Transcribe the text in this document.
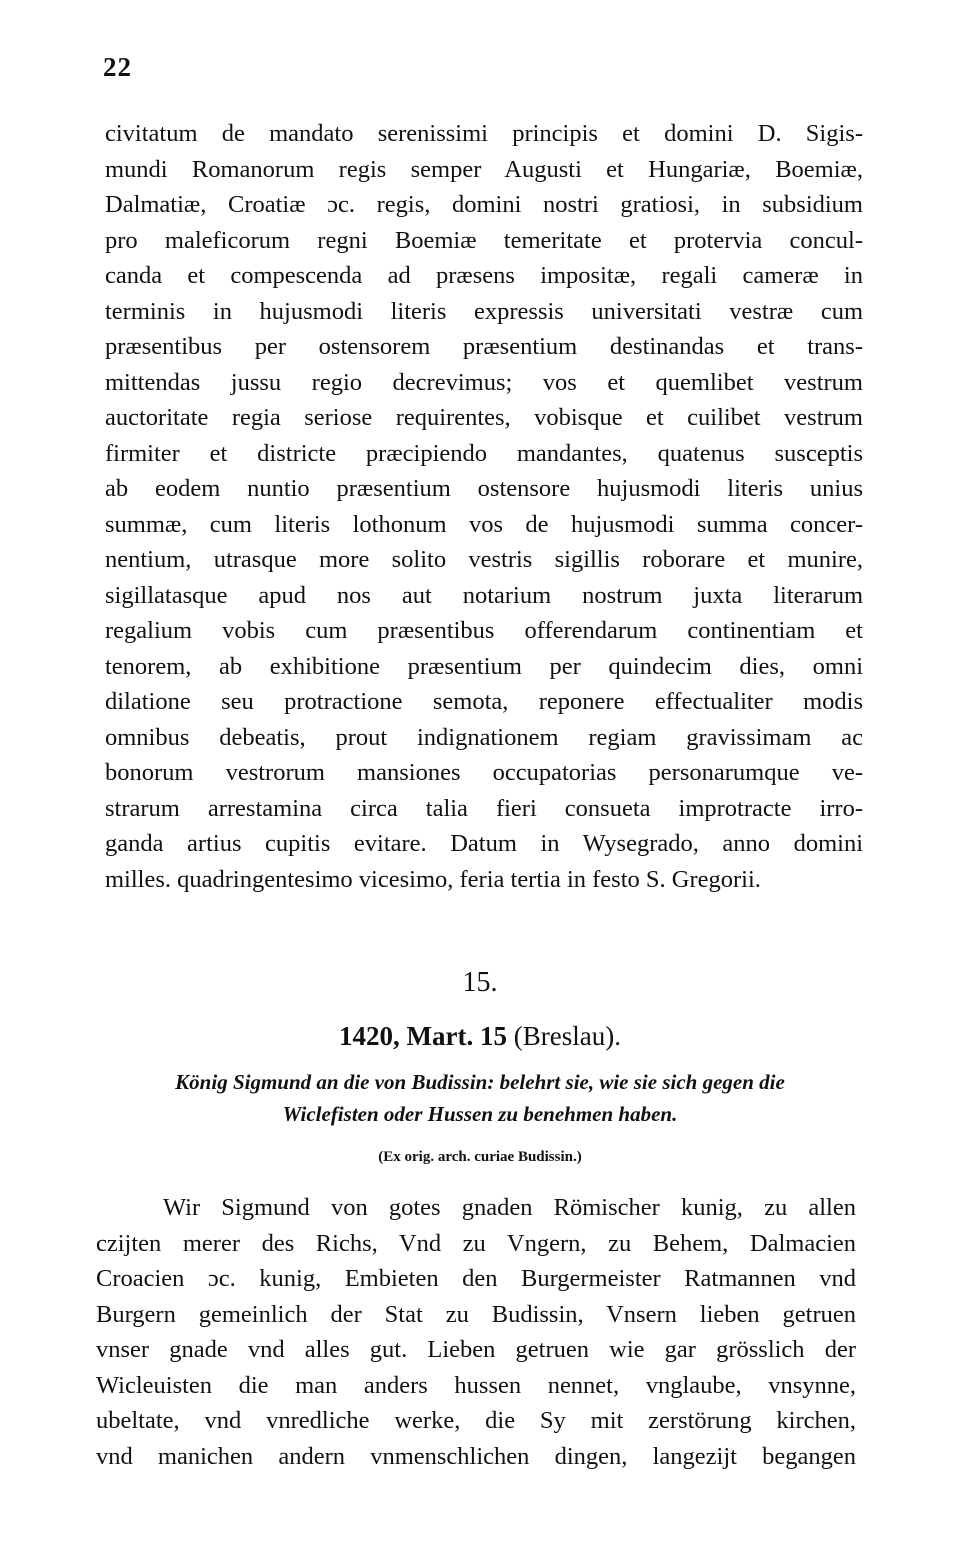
22
civitatum de mandato serenissimi principis et domini D. Sigis-
mundi Romanorum regis semper Augusti et Hungariæ, Boemiæ,
Dalmatiæ, Croatiæ ɔc. regis, domini nostri gratiosi, in subsidium
pro maleficorum regni Boemiæ temeritate et protervia concul-
canda et compescenda ad præsens impositæ, regali cameræ in
terminis in hujusmodi literis expressis universitati vestræ cum
præsentibus per ostensorem præsentium destinandas et trans-
mittendas jussu regio decrevimus; vos et quemlibet vestrum
auctoritate regia seriose requirentes, vobisque et cuilibet vestrum
firmiter et districte præcipiendo mandantes, quatenus susceptis
ab eodem nuntio præsentium ostensore hujusmodi literis unius
summæ, cum literis lothonum vos de hujusmodi summa concer-
nentium, utrasque more solito vestris sigillis roborare et munire,
sigillatasque apud nos aut notarium nostrum juxta literarum
regalium vobis cum præsentibus offerendarum continentiam et
tenorem, ab exhibitione præsentium per quindecim dies, omni
dilatione seu protractione semota, reponere effectualiter modis
omnibus debeatis, prout indignationem regiam gravissimam ac
bonorum vestrorum mansiones occupatorias personarumque ve-
strarum arrestamina circa talia fieri consueta improtracte irro-
ganda artius cupitis evitare. Datum in Wysegrado, anno domini
milles. quadringentesimo vicesimo, feria tertia in festo S. Gregorii.
15.
1420, Mart. 15 (Breslau).
König Sigmund an die von Budissin: belehrt sie, wie sie sich gegen die
Wiclefisten oder Hussen zu benehmen haben.
(Ex orig. arch. curiae Budissin.)
Wir Sigmund von gotes gnaden Römischer kunig, zu allen
czijten merer des Richs, Vnd zu Vngern, zu Behem, Dalmacien
Croacien ɔc. kunig, Embieten den Burgermeister Ratmannen vnd
Burgern gemeinlich der Stat zu Budissin, Vnsern lieben getruen
vnser gnade vnd alles gut. Lieben getruen wie gar grösslich der
Wicleuisten die man anders hussen nennet, vnglaube, vnsynne,
ubeltate, vnd vnredliche werke, die Sy mit zerstörung kirchen,
vnd manichen andern vnmenschlichen dingen, langezijt begangen
